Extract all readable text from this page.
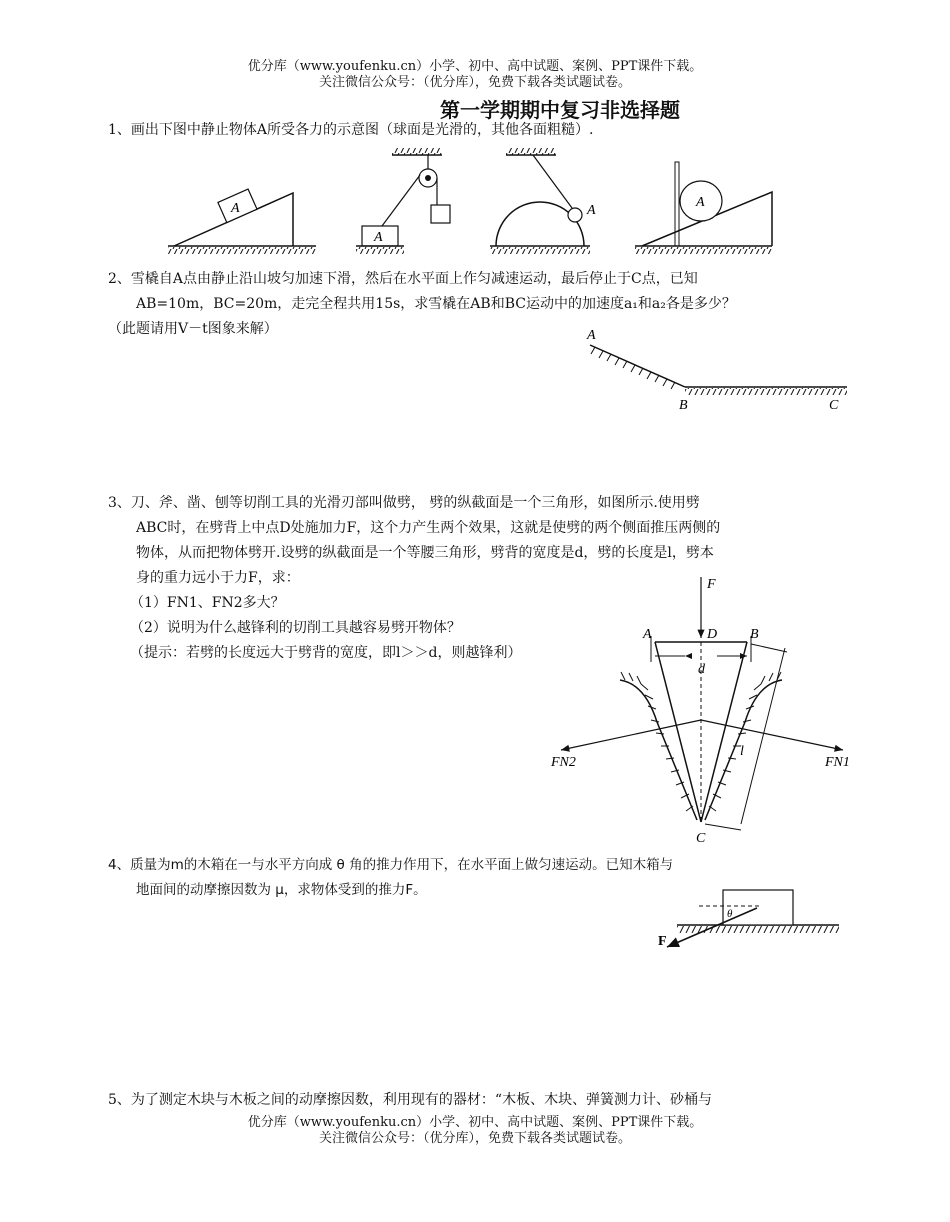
优分库（www.youfenku.cn）小学、初中、高中试题、案例、PPT课件下载。
关注微信公众号：（优分库），免费下载各类试题试卷。
第一学期期中复习非选择题
1、画出下图中静止物体A所受各力的示意图（球面是光滑的，其他各面粗糙）.
A
A
A
A
2、雪橇自A点由静止沿山坡匀加速下滑，然后在水平面上作匀减速运动，最后停止于C点，已知
AB=10m，BC=20m，走完全程共用15s，求雪橇在AB和BC运动中的加速度a₁和a₂各是多少？
（此题请用V－t图象来解）	A
B	C
3、刀、斧、凿、刨等切削工具的光滑刃部叫做劈， 劈的纵截面是一个三角形，如图所示.使用劈
ABC时，在劈背上中点D处施加力F，这个力产生两个效果，这就是使劈的两个侧面推压两侧的
物体，从而把物体劈开.设劈的纵截面是一个等腰三角形，劈背的宽度是d，劈的长度是l，劈本
身的重力远小于力F，求：
（1）FN1、FN2多大？
（2）说明为什么越锋利的切削工具越容易劈开物体？
（提示：若劈的长度远大于劈背的宽度，即l＞＞d，则越锋利）
F
A	D B
d
l
C
FN2	FN1
4、质量为m的木箱在一与水平方向成 θ 角的推力作用下，在水平面上做匀速运动。已知木箱与
地面间的动摩擦因数为 μ，求物体受到的推力F。
θ
F
5、为了测定木块与木板之间的动摩擦因数，利用现有的器材：“木板、木块、弹簧测力计、砂桶与
优分库（www.youfenku.cn）小学、初中、高中试题、案例、PPT课件下载。
关注微信公众号：（优分库），免费下载各类试题试卷。
